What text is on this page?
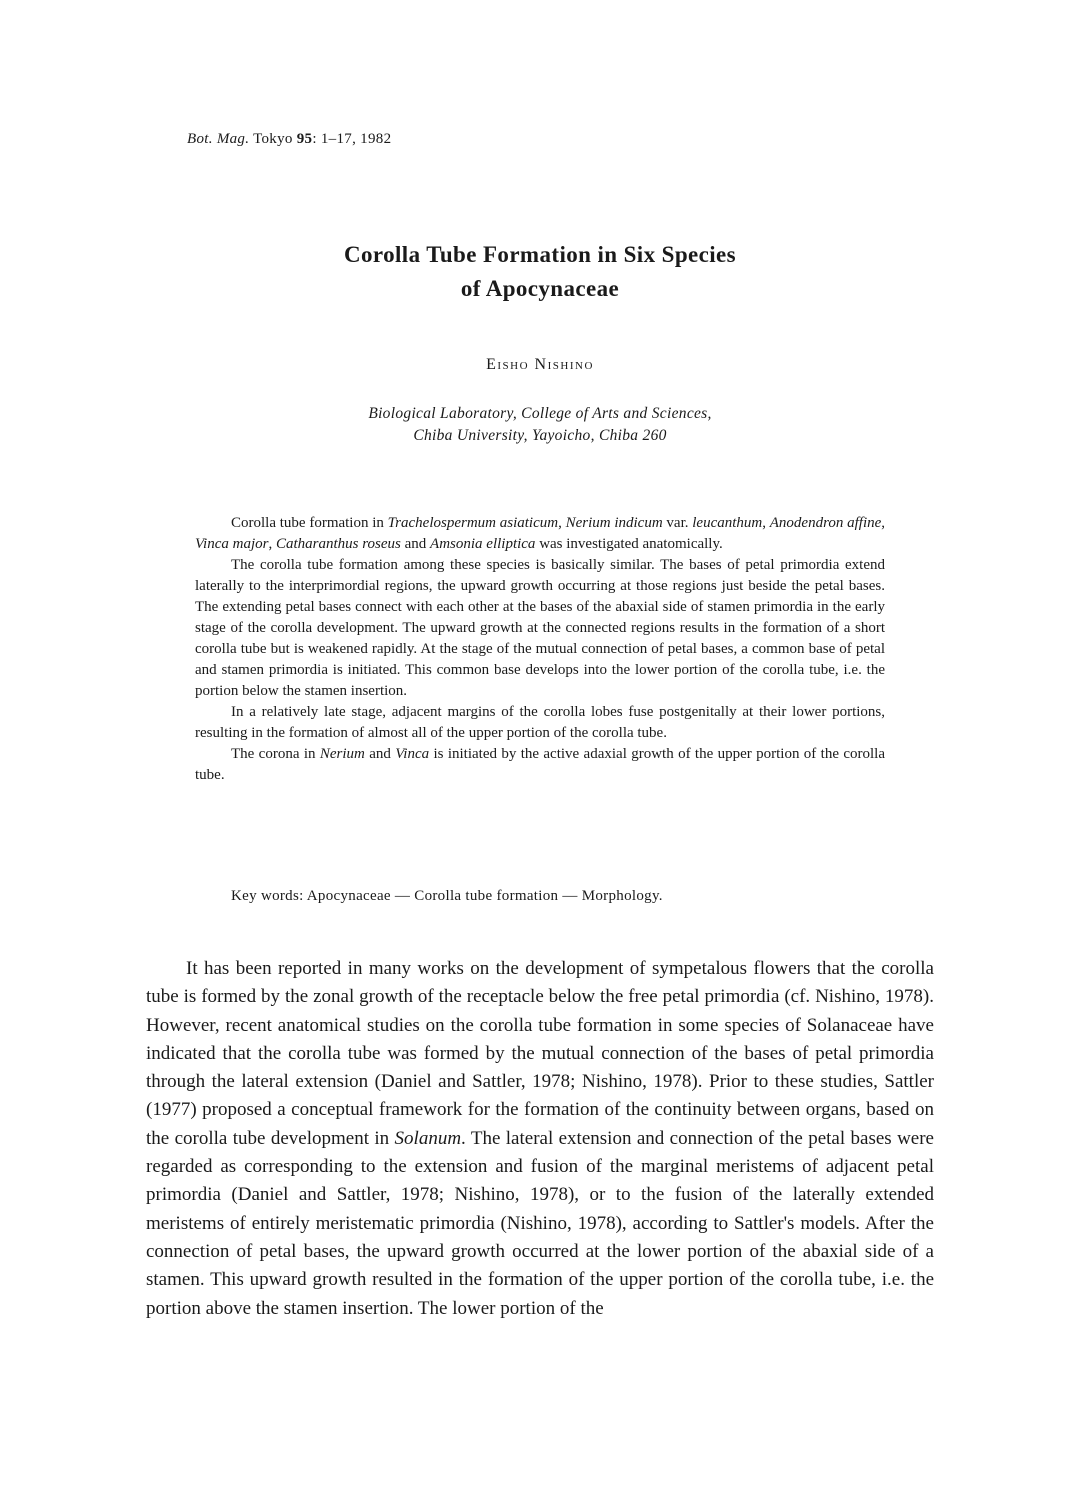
Bot. Mag. Tokyo 95: 1–17, 1982
Corolla Tube Formation in Six Species
of Apocynaceae
Eisho Nishino
Biological Laboratory, College of Arts and Sciences,
Chiba University, Yayoicho, Chiba 260

Corolla tube formation in Trachelospermum asiaticum, Nerium indicum var. leucanthum, Anodendron affine, Vinca major, Catharanthus roseus and Amsonia elliptica was investigated anatomically.

The corolla tube formation among these species is basically similar. The bases of petal primordia extend laterally to the interprimordial regions, the upward growth occurring at those regions just beside the petal bases. The extending petal bases connect with each other at the bases of the abaxial side of stamen primordia in the early stage of the corolla development. The upward growth at the connected regions results in the formation of a short corolla tube but is weakened rapidly. At the stage of the mutual connection of petal bases, a common base of petal and stamen primordia is initiated. This common base develops into the lower portion of the corolla tube, i.e. the portion below the stamen insertion.

In a relatively late stage, adjacent margins of the corolla lobes fuse postgenitally at their lower portions, resulting in the formation of almost all of the upper portion of the corolla tube.

The corona in Nerium and Vinca is initiated by the active adaxial growth of the upper portion of the corolla tube.

Key words: Apocynaceae — Corolla tube formation — Morphology.

It has been reported in many works on the development of sympetalous flowers that the corolla tube is formed by the zonal growth of the receptacle below the free petal primordia (cf. Nishino, 1978). However, recent anatomical studies on the corolla tube formation in some species of Solanaceae have indicated that the corolla tube was formed by the mutual connection of the bases of petal primordia through the lateral extension (Daniel and Sattler, 1978; Nishino, 1978). Prior to these studies, Sattler (1977) proposed a conceptual framework for the formation of the continuity between organs, based on the corolla tube development in Solanum. The lateral extension and connection of the petal bases were regarded as corresponding to the extension and fusion of the marginal meristems of adjacent petal primordia (Daniel and Sattler, 1978; Nishino, 1978), or to the fusion of the laterally extended meristems of entirely meristematic primordia (Nishino, 1978), according to Sattler's models. After the connection of petal bases, the upward growth occurred at the lower portion of the abaxial side of a stamen. This upward growth resulted in the formation of the upper portion of the corolla tube, i.e. the portion above the stamen insertion. The lower portion of the
